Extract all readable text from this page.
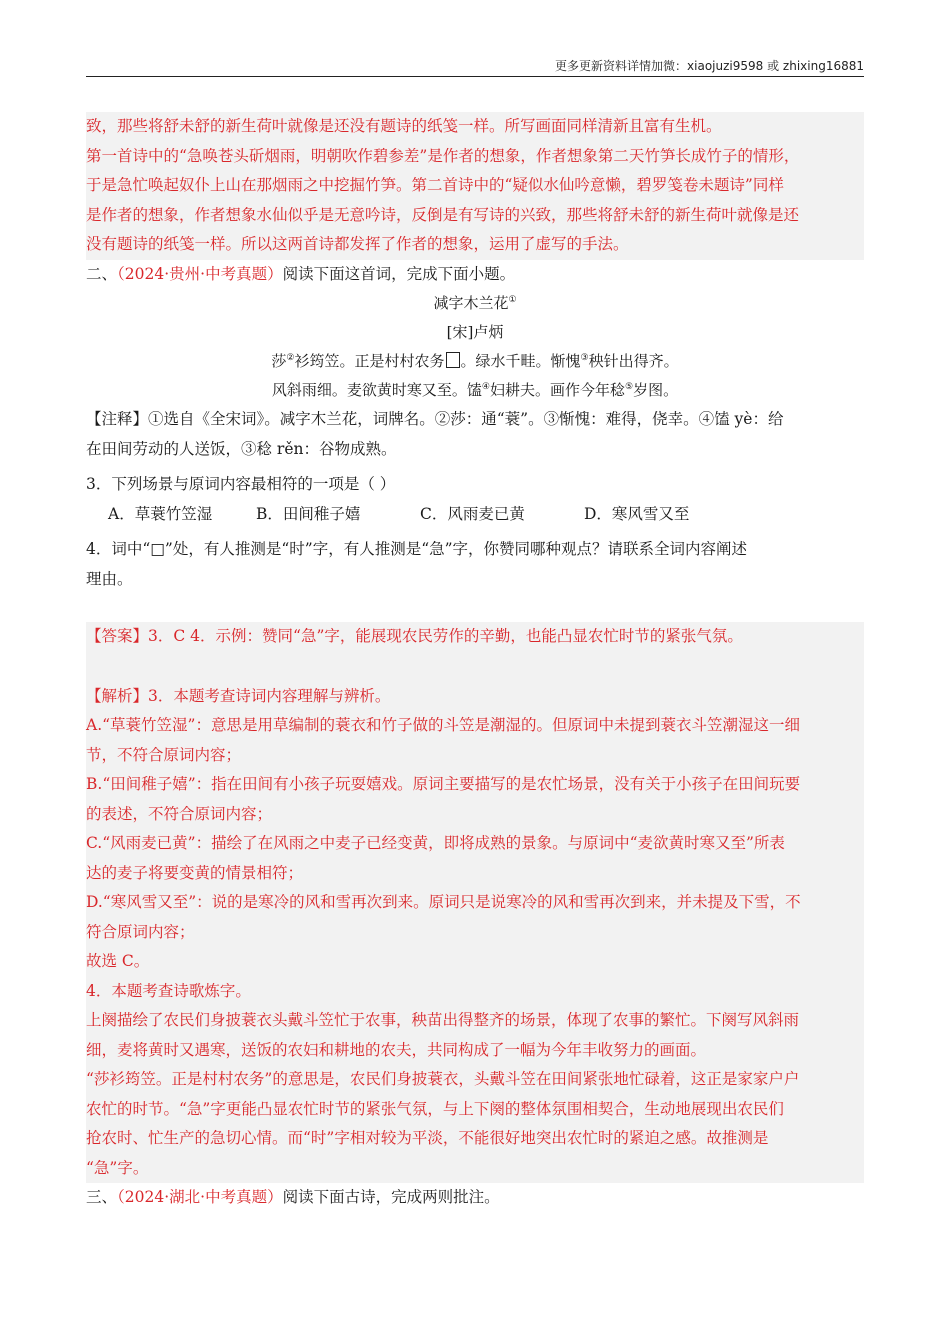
更多更新资料详情加微：xiaojuzi9598 或 zhixing16881
致，那些将舒未舒的新生荷叶就像是还没有题诗的纸笺一样。所写画面同样清新且富有生机。
第一首诗中的“急唤苍头斫烟雨，明朝吹作碧参差”是作者的想象，作者想象第二天竹笋长成竹子的情形，
于是急忙唤起奴仆上山在那烟雨之中挖掘竹笋。第二首诗中的“疑似水仙吟意懒，碧罗笺卷未题诗”同样
是作者的想象，作者想象水仙似乎是无意吟诗，反倒是有写诗的兴致，那些将舒未舒的新生荷叶就像是还
没有题诗的纸笺一样。所以这两首诗都发挥了作者的想象，运用了虚写的手法。
二、（2024·贵州·中考真题）阅读下面这首词，完成下面小题。
减字木兰花①
[宋]卢炳
莎②衫筠笠。正是村村农务 。绿水千畦。惭愧③秧针出得齐。
风斜雨细。麦欲黄时寒又至。馌④妇耕夫。画作今年稔⑤岁图。
【注释】①选自《全宋词》。减字木兰花，词牌名。②莎：通“蓑”。③惭愧：难得，侥幸。④馌 yè：给
在田间劳动的人送饭，③稔 rěn：谷物成熟。
3．下列场景与原词内容最相符的一项是（ ）
A．草蓑竹笠湿	B．田间稚子嬉	C．风雨麦已黄	D．寒风雪又至
4．词中“□”处，有人推测是“时”字，有人推测是“急”字，你赞同哪种观点？请联系全词内容阐述
理由。
【答案】3．C 4．示例：赞同“急”字，能展现农民劳作的辛勤，也能凸显农忙时节的紧张气氛。
【解析】3．本题考查诗词内容理解与辨析。
A.“草蓑竹笠湿”：意思是用草编制的蓑衣和竹子做的斗笠是潮湿的。但原词中未提到蓑衣斗笠潮湿这一细
节，不符合原词内容；
B.“田间稚子嬉”：指在田间有小孩子玩耍嬉戏。原词主要描写的是农忙场景，没有关于小孩子在田间玩要
的表述，不符合原词内容；
C.“风雨麦已黄”：描绘了在风雨之中麦子已经变黄，即将成熟的景象。与原词中“麦欲黄时寒又至”所表
达的麦子将要变黄的情景相符；
D.“寒风雪又至”：说的是寒冷的风和雪再次到来。原词只是说寒冷的风和雪再次到来，并未提及下雪，不
符合原词内容；
故选 C。
4．本题考查诗歌炼字。
上阕描绘了农民们身披蓑衣头戴斗笠忙于农事，秧苗出得整齐的场景，体现了农事的繁忙。下阕写风斜雨
细，麦将黄时又遇寒，送饭的农妇和耕地的农夫，共同构成了一幅为今年丰收努力的画面。
“莎衫筠笠。正是村村农务”的意思是，农民们身披蓑衣，头戴斗笠在田间紧张地忙碌着，这正是家家户户
农忙的时节。“急”字更能凸显农忙时节的紧张气氛，与上下阕的整体氛围相契合，生动地展现出农民们
抢农时、忙生产的急切心情。而“时”字相对较为平淡，不能很好地突出农忙时的紧迫之感。故推测是
“急”字。
三、（2024·湖北·中考真题）阅读下面古诗，完成两则批注。
